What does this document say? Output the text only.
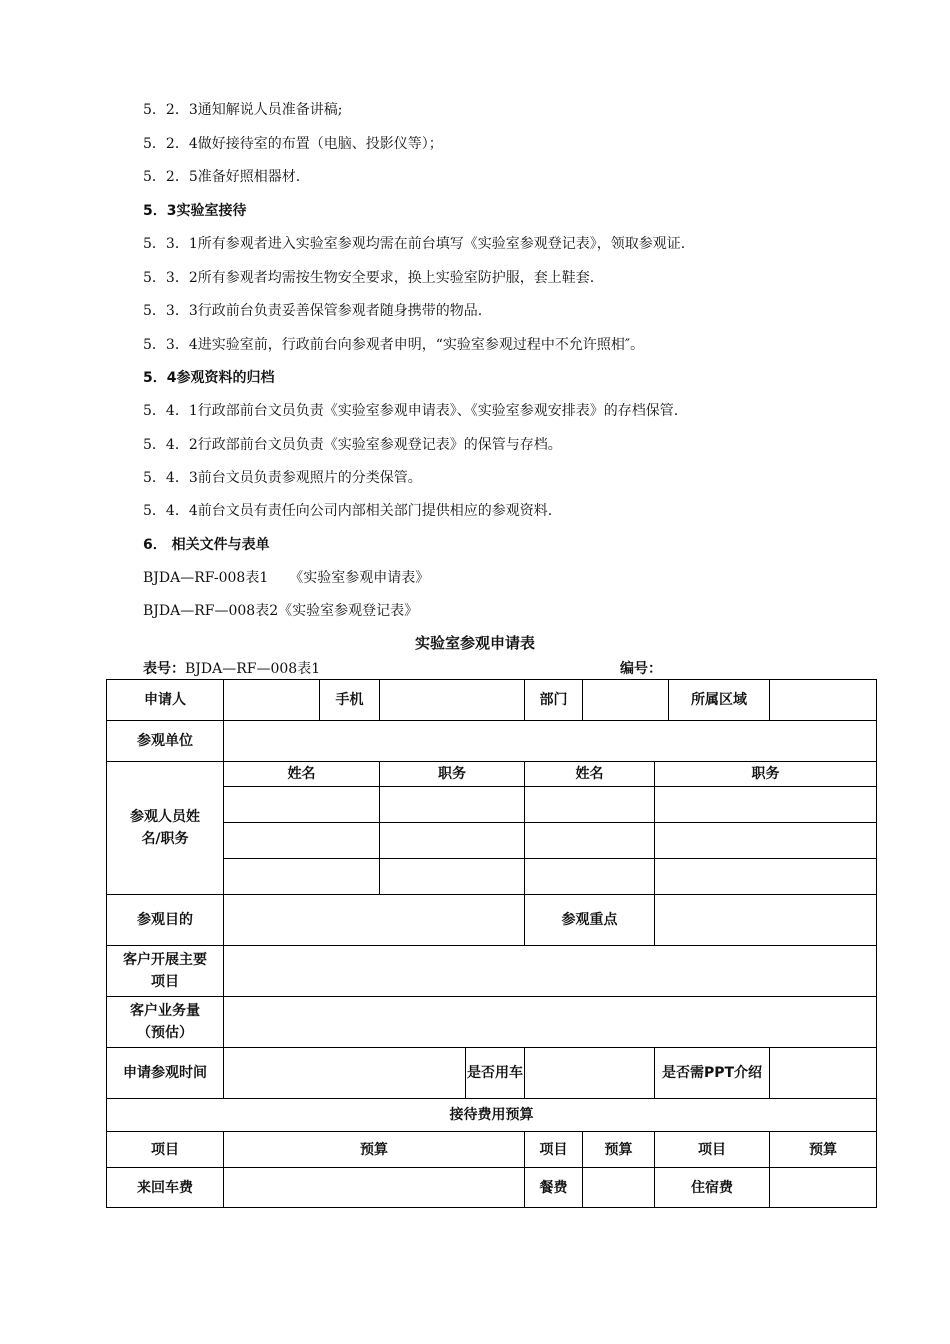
5．2．3通知解说人员准备讲稿;
5．2．4做好接待室的布置（电脑、投影仪等）；
5．2．5准备好照相器材.
5．3实验室接待
5．3．1所有参观者进入实验室参观均需在前台填写《实验室参观登记表》，领取参观证.
5．3．2所有参观者均需按生物安全要求，换上实验室防护服，套上鞋套.
5．3．3行政前台负责妥善保管参观者随身携带的物品.
5．3．4进实验室前，行政前台向参观者申明，“实验室参观过程中不允许照相″。
5．4参观资料的归档
5．4．1行政部前台文员负责《实验室参观申请表》、《实验室参观安排表》的存档保管.
5．4．2行政部前台文员负责《实验室参观登记表》的保管与存档。
5．4．3前台文员负责参观照片的分类保管。
5．4．4前台文员有责任向公司内部相关部门提供相应的参观资料.
6． 相关文件与表单
BJDA—RF-008表1　　《实验室参观申请表》
BJDA—RF—008表2《实验室参观登记表》
实验室参观申请表
表号：BJDA—RF—008表1	编号：
申请人		手机			部门			所属区域	
参观单位									
参观人员姓名/职务	姓名		职务		姓名		职务		

参观目的					参观重点				
客户开展主要项目									
客户业务量（预估）									
申请参观时间				是否用车			是否需PPT介绍		
接待费用预算									
项目	预算				项目	预算	项目		预算
来回车费					餐费		住宿费		
